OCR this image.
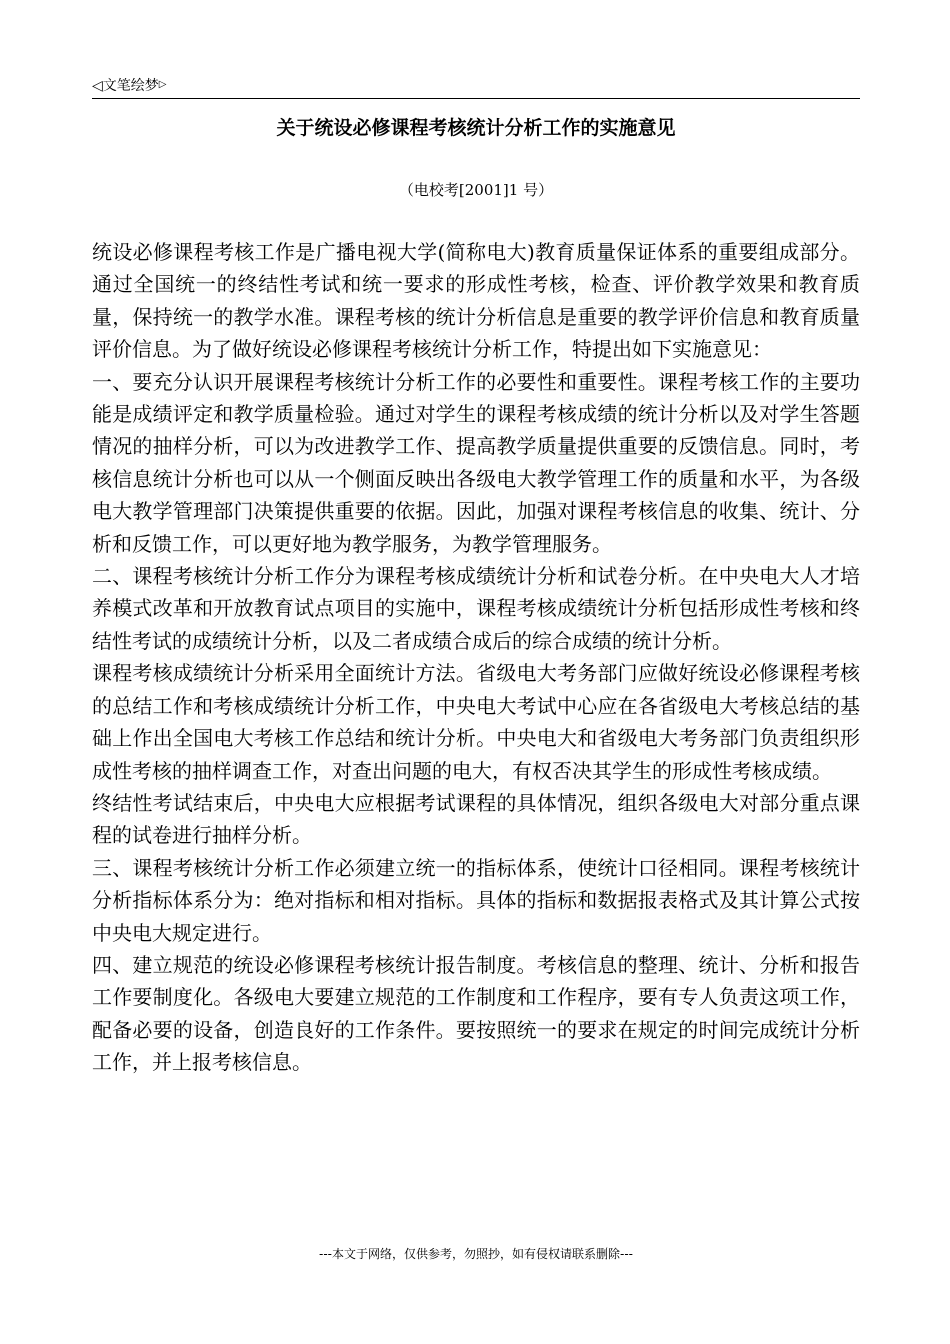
◁文笔绘梦▷
关于统设必修课程考核统计分析工作的实施意见
（电校考[2001]1 号）

统设必修课程考核工作是广播电视大学(简称电大)教育质量保证体系的重要组成部分。通过全国统一的终结性考试和统一要求的形成性考核，检查、评价教学效果和教育质量，保持统一的教学水准。课程考核的统计分析信息是重要的教学评价信息和教育质量评价信息。为了做好统设必修课程考核统计分析工作，特提出如下实施意见：

一、要充分认识开展课程考核统计分析工作的必要性和重要性。课程考核工作的主要功能是成绩评定和教学质量检验。通过对学生的课程考核成绩的统计分析以及对学生答题情况的抽样分析，可以为改进教学工作、提高教学质量提供重要的反馈信息。同时，考核信息统计分析也可以从一个侧面反映出各级电大教学管理工作的质量和水平，为各级电大教学管理部门决策提供重要的依据。因此，加强对课程考核信息的收集、统计、分析和反馈工作，可以更好地为教学服务，为教学管理服务。

二、课程考核统计分析工作分为课程考核成绩统计分析和试卷分析。在中央电大人才培养模式改革和开放教育试点项目的实施中，课程考核成绩统计分析包括形成性考核和终结性考试的成绩统计分析，以及二者成绩合成后的综合成绩的统计分析。

课程考核成绩统计分析采用全面统计方法。省级电大考务部门应做好统设必修课程考核的总结工作和考核成绩统计分析工作，中央电大考试中心应在各省级电大考核总结的基础上作出全国电大考核工作总结和统计分析。中央电大和省级电大考务部门负责组织形成性考核的抽样调查工作，对查出问题的电大，有权否决其学生的形成性考核成绩。

终结性考试结束后，中央电大应根据考试课程的具体情况，组织各级电大对部分重点课程的试卷进行抽样分析。

三、课程考核统计分析工作必须建立统一的指标体系，使统计口径相同。课程考核统计分析指标体系分为：绝对指标和相对指标。具体的指标和数据报表格式及其计算公式按中央电大规定进行。

四、建立规范的统设必修课程考核统计报告制度。考核信息的整理、统计、分析和报告工作要制度化。各级电大要建立规范的工作制度和工作程序，要有专人负责这项工作，配备必要的设备，创造良好的工作条件。要按照统一的要求在规定的时间完成统计分析工作，并上报考核信息。

---本文于网络，仅供参考，勿照抄，如有侵权请联系删除---
